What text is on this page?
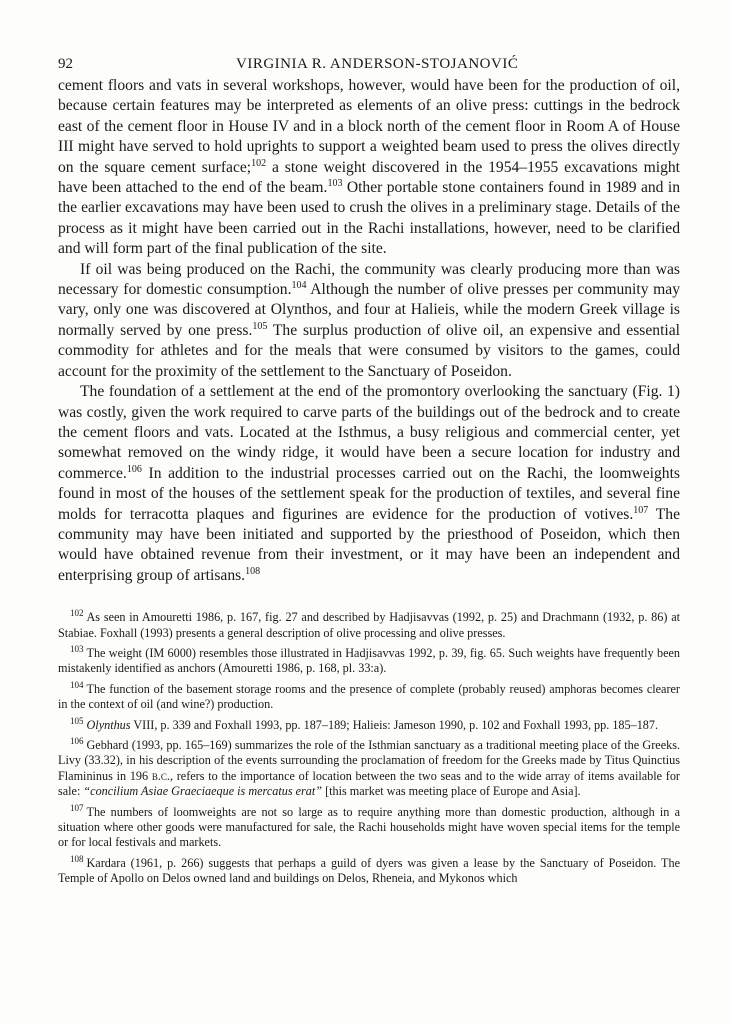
92	VIRGINIA R. ANDERSON-STOJANOVIĆ

cement floors and vats in several workshops, however, would have been for the production of oil, because certain features may be interpreted as elements of an olive press: cuttings in the bedrock east of the cement floor in House IV and in a block north of the cement floor in Room A of House III might have served to hold uprights to support a weighted beam used to press the olives directly on the square cement surface;$^{102}$ a stone weight discovered in the 1954–1955 excavations might have been attached to the end of the beam.$^{103}$ Other portable stone containers found in 1989 and in the earlier excavations may have been used to crush the olives in a preliminary stage. Details of the process as it might have been carried out in the Rachi installations, however, need to be clarified and will form part of the final publication of the site.

If oil was being produced on the Rachi, the community was clearly producing more than was necessary for domestic consumption.$^{104}$ Although the number of olive presses per community may vary, only one was discovered at Olynthos, and four at Halieis, while the modern Greek village is normally served by one press.$^{105}$ The surplus production of olive oil, an expensive and essential commodity for athletes and for the meals that were consumed by visitors to the games, could account for the proximity of the settlement to the Sanctuary of Poseidon.

The foundation of a settlement at the end of the promontory overlooking the sanctuary (Fig. 1) was costly, given the work required to carve parts of the buildings out of the bedrock and to create the cement floors and vats. Located at the Isthmus, a busy religious and commercial center, yet somewhat removed on the windy ridge, it would have been a secure location for industry and commerce.$^{106}$ In addition to the industrial processes carried out on the Rachi, the loomweights found in most of the houses of the settlement speak for the production of textiles, and several fine molds for terracotta plaques and figurines are evidence for the production of votives.$^{107}$ The community may have been initiated and supported by the priesthood of Poseidon, which then would have obtained revenue from their investment, or it may have been an independent and enterprising group of artisans.$^{108}$

$^{102}$ As seen in Amouretti 1986, p. 167, fig. 27 and described by Hadjisavvas (1992, p. 25) and Drachmann (1932, p. 86) at Stabiae. Foxhall (1993) presents a general description of olive processing and olive presses.

$^{103}$ The weight (IM 6000) resembles those illustrated in Hadjisavvas 1992, p. 39, fig. 65. Such weights have frequently been mistakenly identified as anchors (Amouretti 1986, p. 168, pl. 33:a).

$^{104}$ The function of the basement storage rooms and the presence of complete (probably reused) amphoras becomes clearer in the context of oil (and wine?) production.

$^{105}$ Olynthus VIII, p. 339 and Foxhall 1993, pp. 187–189; Halieis: Jameson 1990, p. 102 and Foxhall 1993, pp. 185–187.

$^{106}$ Gebhard (1993, pp. 165–169) summarizes the role of the Isthmian sanctuary as a traditional meeting place of the Greeks. Livy (33.32), in his description of the events surrounding the proclamation of freedom for the Greeks made by Titus Quinctius Flamininus in 196 b.c., refers to the importance of location between the two seas and to the wide array of items available for sale: “concilium Asiae Graeciaeque is mercatus erat” [this market was meeting place of Europe and Asia].

$^{107}$ The numbers of loomweights are not so large as to require anything more than domestic production, although in a situation where other goods were manufactured for sale, the Rachi households might have woven special items for the temple or for local festivals and markets.

$^{108}$ Kardara (1961, p. 266) suggests that perhaps a guild of dyers was given a lease by the Sanctuary of Poseidon. The Temple of Apollo on Delos owned land and buildings on Delos, Rheneia, and Mykonos which
